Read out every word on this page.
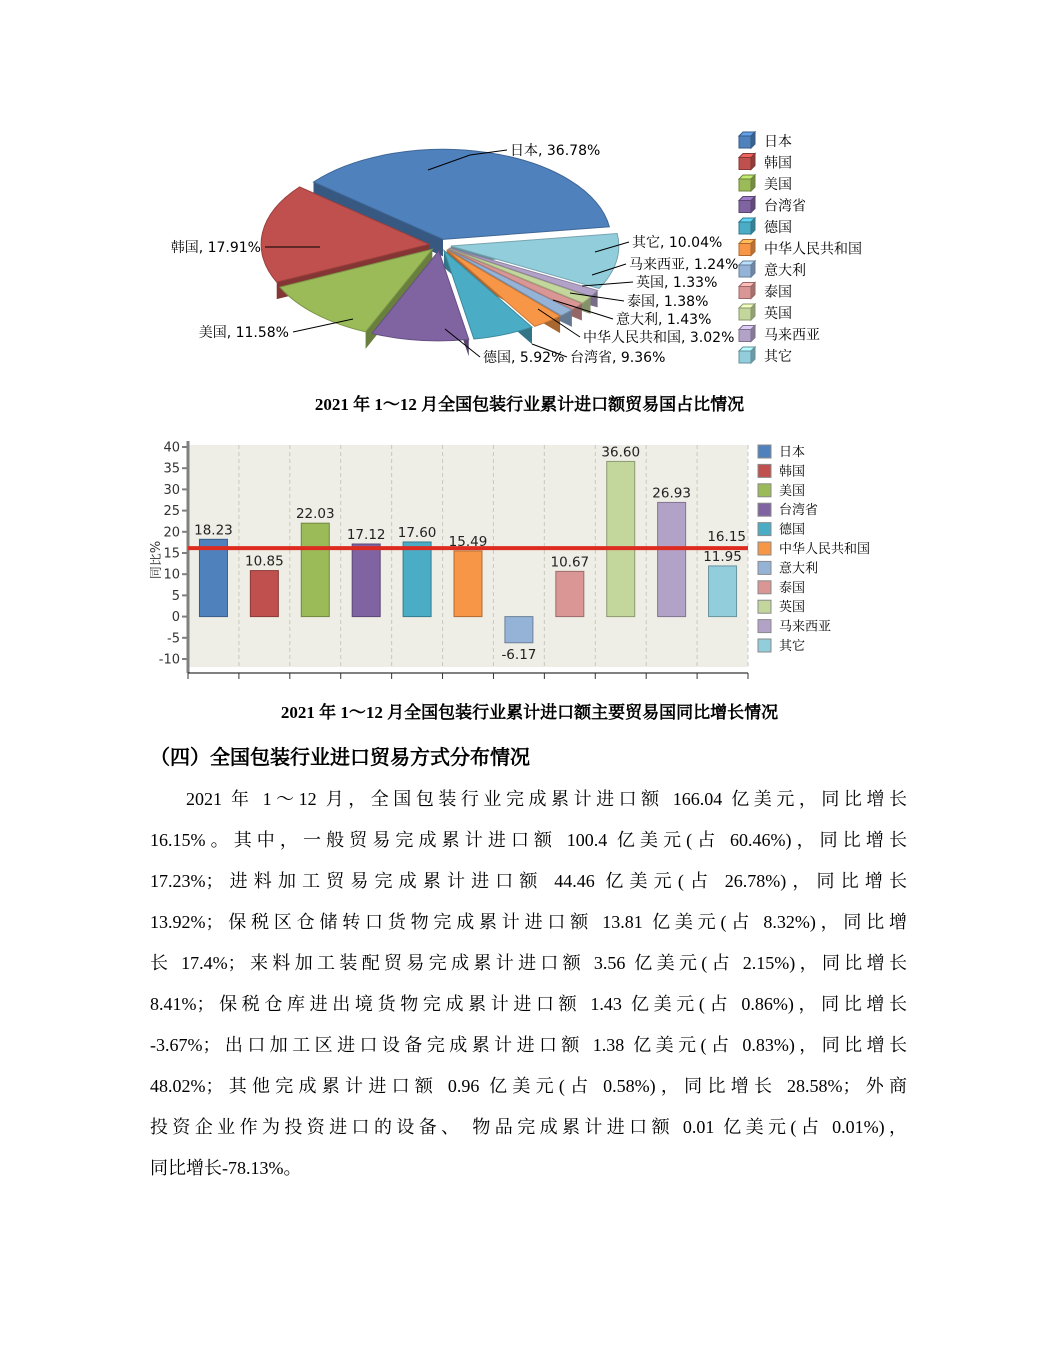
日本, 36.78%
韩国, 17.91%
美国, 11.58%
台湾省, 9.36%
德国, 5.92%
中华人民共和国, 3.02%
意大利, 1.43%
泰国, 1.38%
英国, 1.33%
马来西亚, 1.24%
其它, 10.04%
日本
韩国
美国
台湾省
德国
中华人民共和国
意大利
泰国
英国
马来西亚
其它
2021 年 1～12 月全国包装行业累计进口额贸易国占比情况
40
35
30
25
20
15
10
5
0
-5
-10
同比%
18.23
10.85
22.03
17.12 17.60
15.49
-6.17
10.67
36.60
26.93
11.95
16.15
日本
韩国
美国
台湾省
德国
中华人民共和国
意大利
泰国
英国
马来西亚
其它
2021 年 1～12 月全国包装行业累计进口额主要贸易国同比增长情况
（四）全国包装行业进口贸易方式分布情况
2021 年 1～12 月，全国包装行业完成累计进口额 166.04 亿美元，同比增长
16.15%。其中，一般贸易完成累计进口额 100.4 亿美元(占 60.46%)，同比增长
17.23%；进料加工贸易完成累计进口额 44.46 亿美元(占 26.78%)，同比增长
13.92%；保税区仓储转口货物完成累计进口额 13.81 亿美元(占 8.32%)，同比增
长 17.4%；来料加工装配贸易完成累计进口额 3.56 亿美元(占 2.15%)，同比增长
8.41%；保税仓库进出境货物完成累计进口额 1.43 亿美元(占 0.86%)，同比增长
-3.67%；出口加工区进口设备完成累计进口额 1.38 亿美元(占 0.83%)，同比增长
48.02%；其他完成累计进口额 0.96 亿美元(占 0.58%)，同比增长 28.58%；外商
投资企业作为投资进口的设备、 物品完成累计进口额 0.01 亿美元(占 0.01%)，
同比增长-78.13%。
